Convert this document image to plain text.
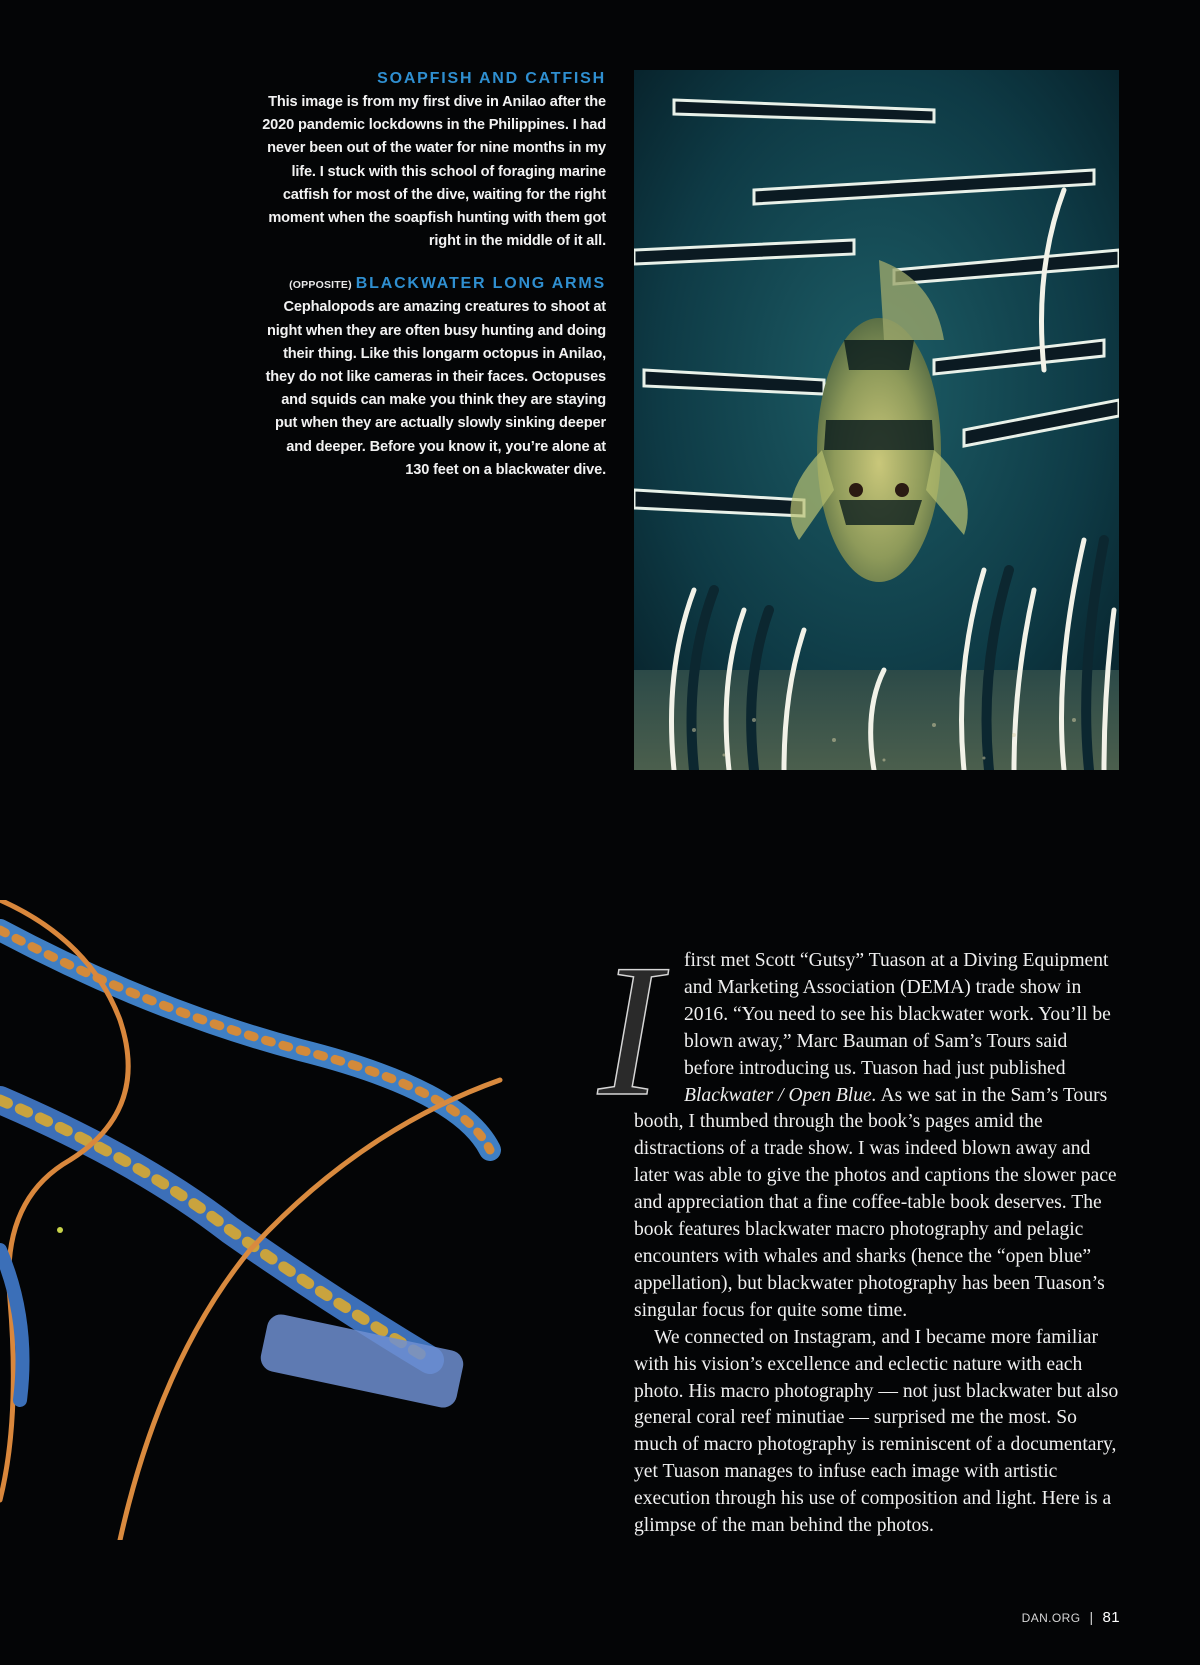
SOAPFISH AND CATFISH
This image is from my first dive in Anilao after the 2020 pandemic lockdowns in the Philippines. I had never been out of the water for nine months in my life. I stuck with this school of foraging marine catfish for most of the dive, waiting for the right moment when the soapfish hunting with them got right in the middle of it all.
(OPPOSITE) BLACKWATER LONG ARMS
Cephalopods are amazing creatures to shoot at night when they are often busy hunting and doing their thing. Like this longarm octopus in Anilao, they do not like cameras in their faces. Octopuses and squids can make you think they are staying put when they are actually slowly sinking deeper and deeper. Before you know it, you’re alone at 130 feet on a blackwater dive.
I	first met Scott “Gutsy” Tuason at a Diving Equipment and Marketing Association (DEMA) trade show in 2016. “You need to see his blackwater work. You’ll be blown away,” Marc Bauman of Sam’s Tours said before introducing us. Tuason had just published Blackwater / Open Blue. As we sat in the Sam’s Tours booth, I thumbed through the book’s pages amid the distractions of a trade show. I was indeed blown away and later was able to give the photos and captions the slower pace and appreciation that a fine coffee-table book deserves. The book features blackwater macro photography and pelagic encounters with whales and sharks (hence the “open blue” appellation), but blackwater photography has been Tuason’s singular focus for quite some time.

We connected on Instagram, and I became more familiar with his vision’s excellence and eclectic nature with each photo. His macro photography — not just blackwater but also general coral reef minutiae — surprised me the most. So much of macro photography is reminiscent of a documentary, yet Tuason manages to infuse each image with artistic execution through his use of composition and light. Here is a glimpse of the man behind the photos.

DAN.ORG | 81
